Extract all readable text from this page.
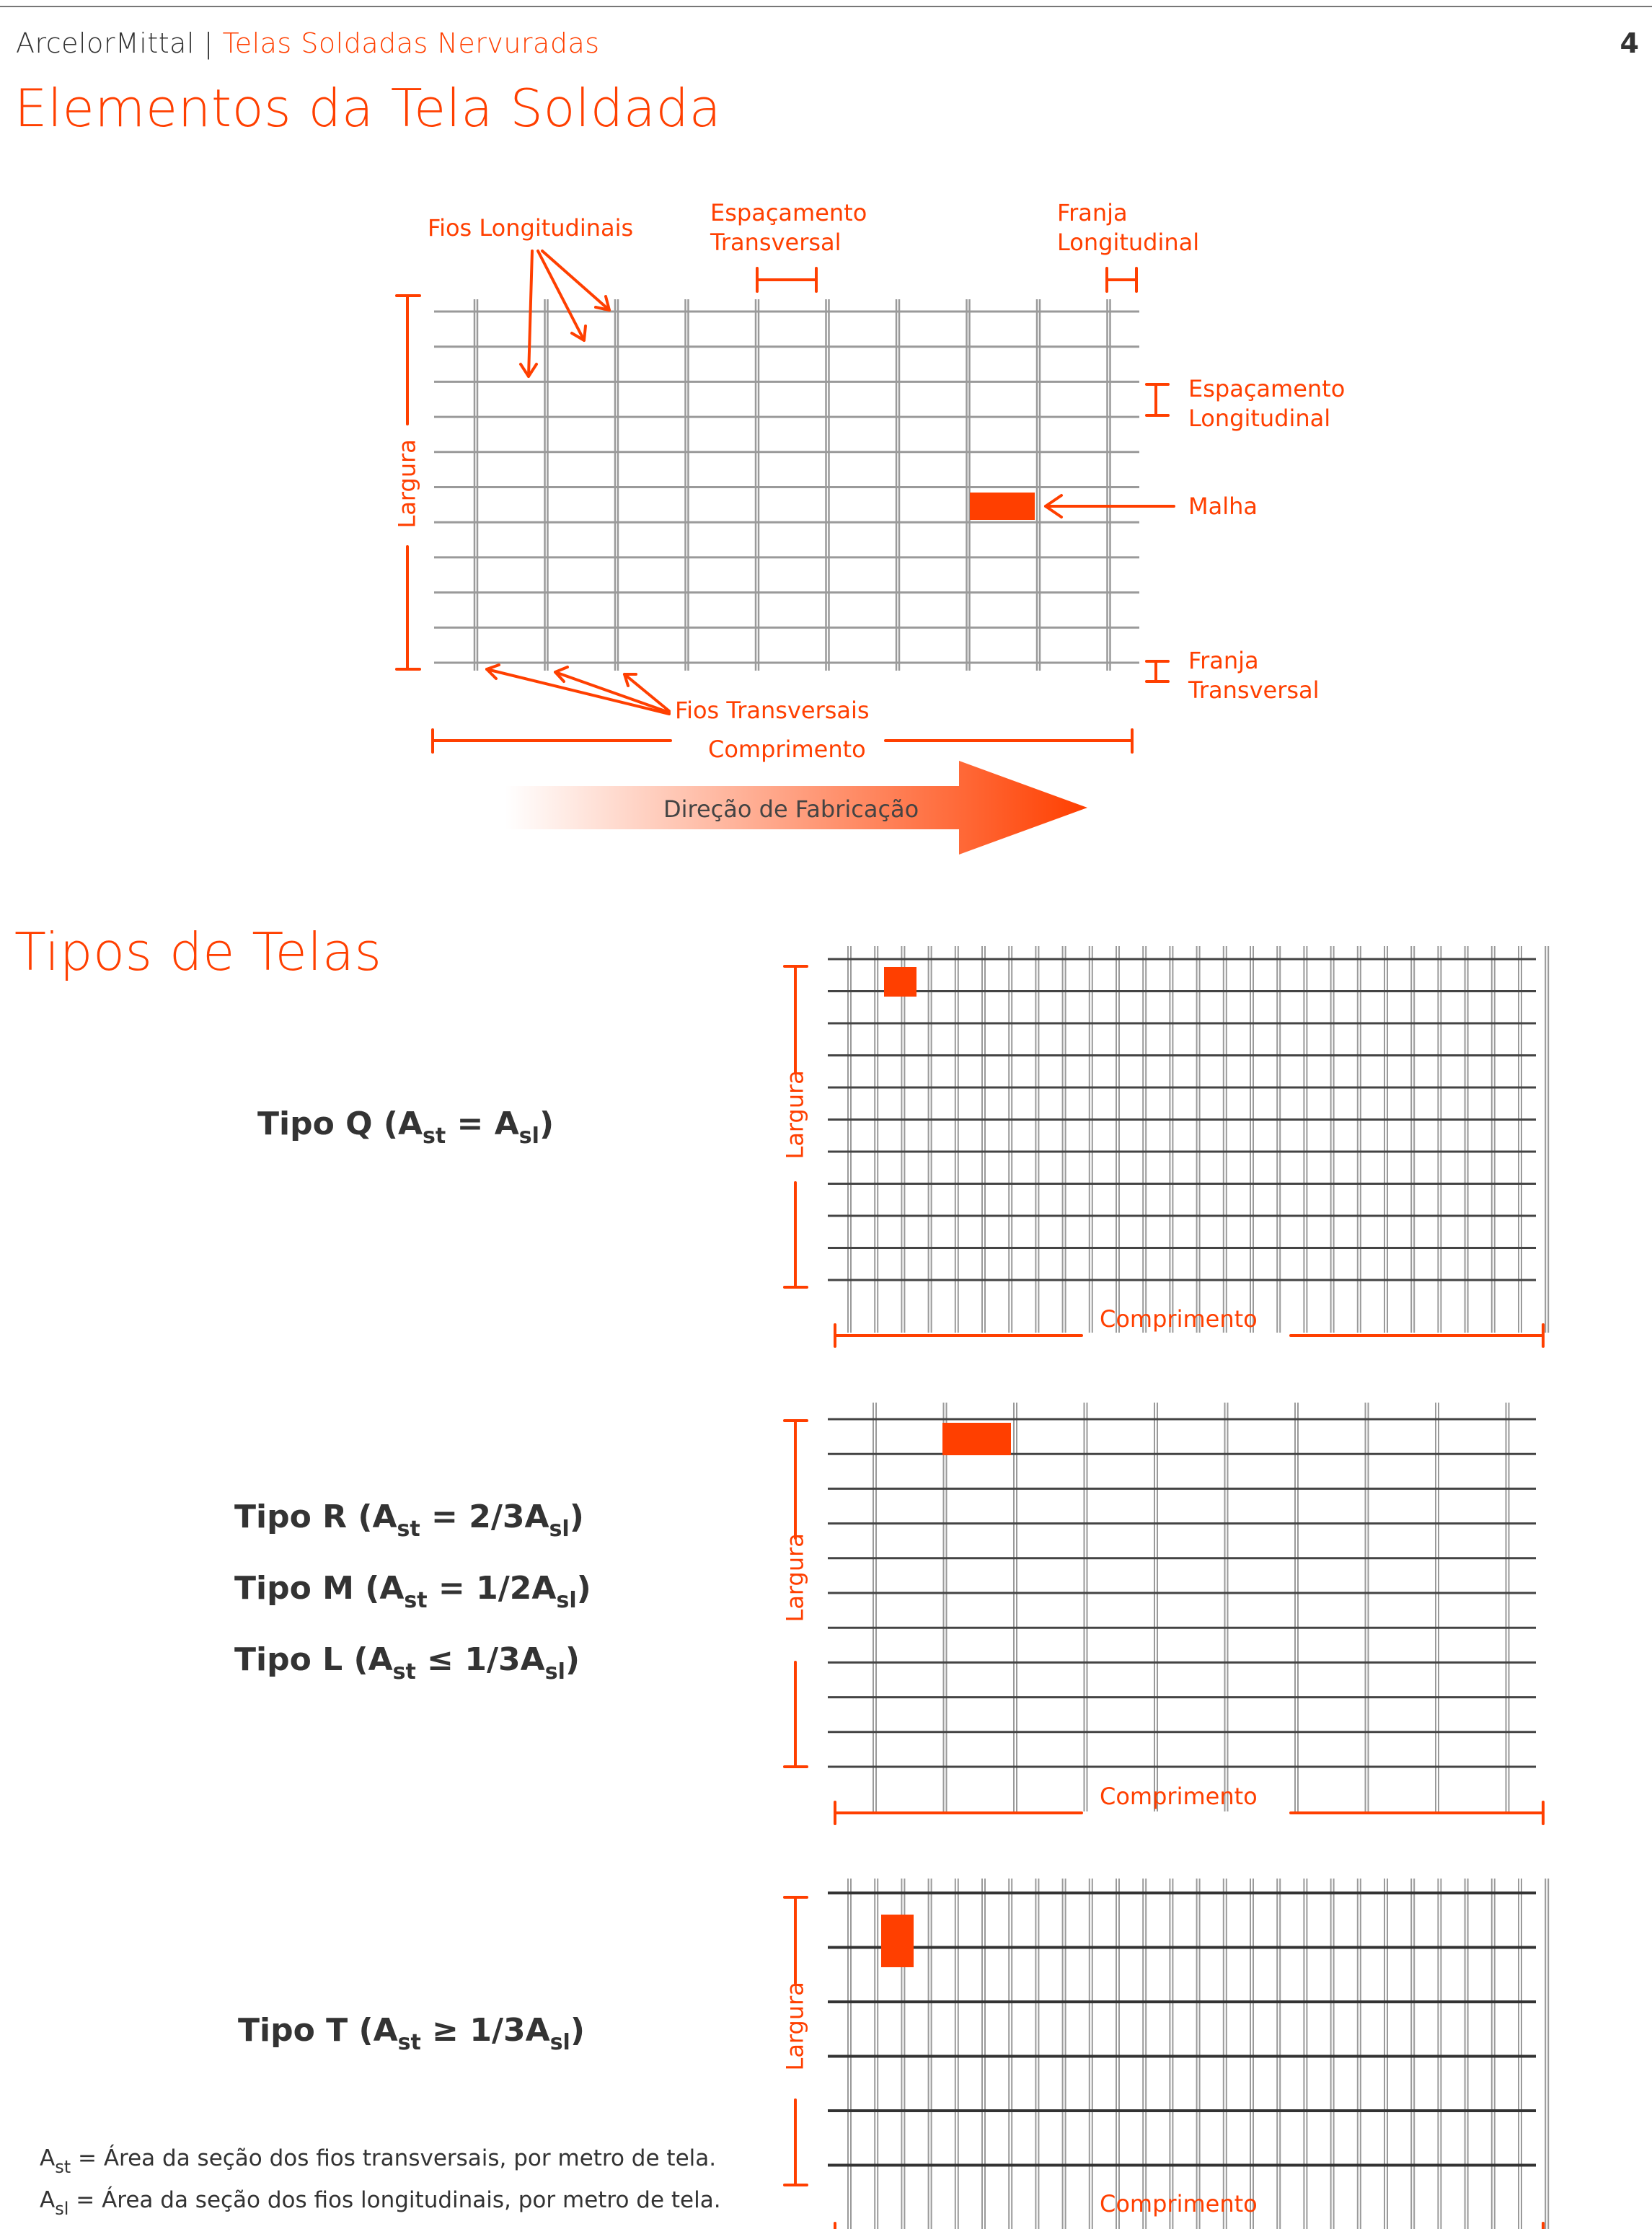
ArcelorMittal | Telas Soldadas Nervuradas	4
Elementos da Tela Soldada
Fios Longitudinais
Espaçamento
Transversal
Franja
Longitudinal
Espaçamento
Longitudinal
Malha
Franja
Transversal
Fios Transversais
Comprimento
Direção de Fabricação
Largura
Tipos de Telas
Tipo Q $(A_{st} = A_{sl})$
Tipo R $(A_{st} = 2/3A_{sl})$
Tipo M $(A_{st} = 1/2A_{sl})$
Tipo L $(A_{st} \le 1/3A_{sl})$
Tipo T $(A_{st} \ge 1/3A_{sl})$
Largura
Comprimento
Largura
Comprimento
Largura
Comprimento
$A_{st}$ = Área da seção dos fios transversais, por metro de tela.
$A_{sl}$ = Área da seção dos fios longitudinais, por metro de tela.
